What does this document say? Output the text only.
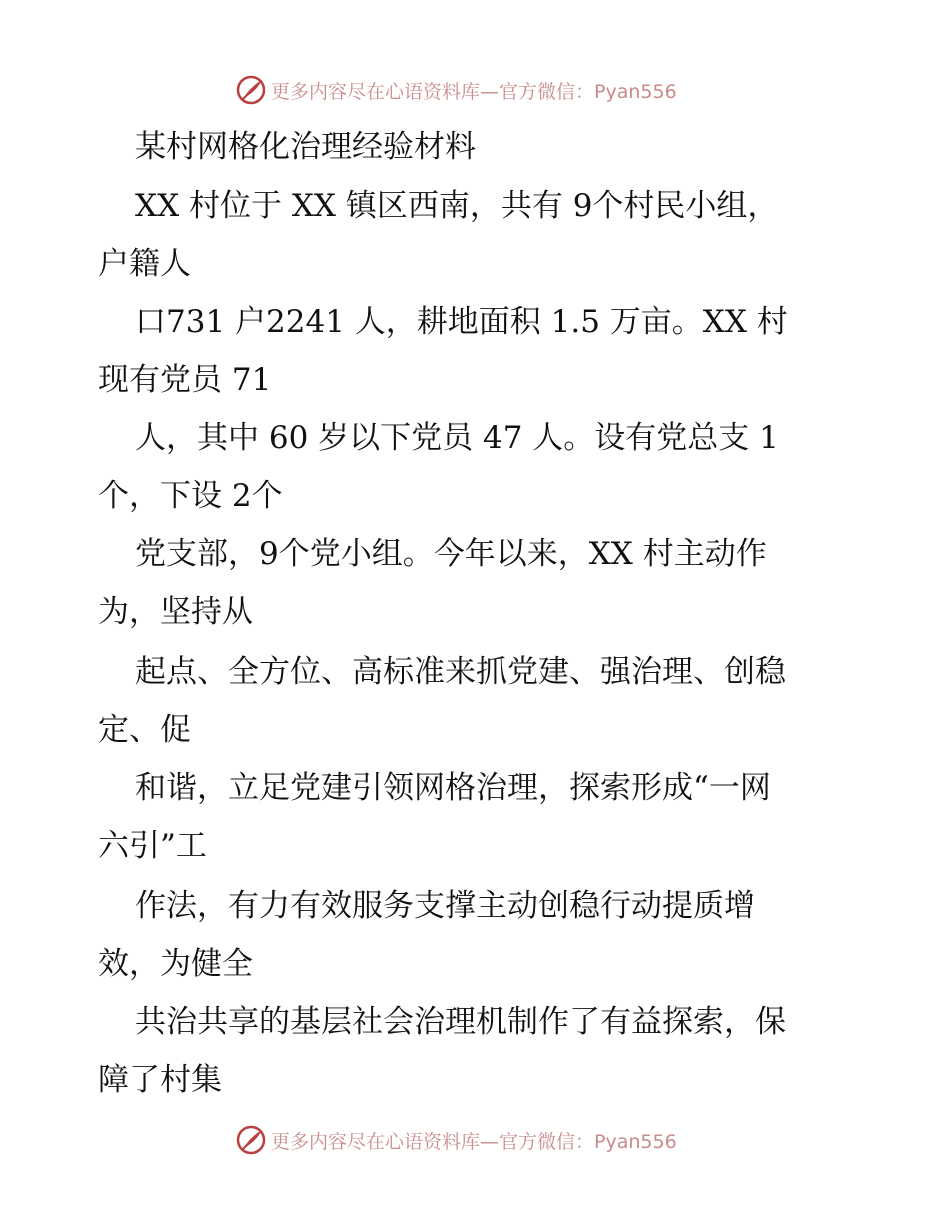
更多内容尽在心语资料库—官方微信：Pyan556
某村网格化治理经验材料
XX 村位于 XX 镇区西南，共有 9个村民小组，
户籍人
口731 户2241 人，耕地面积 1.5 万亩。XX 村
现有党员 71
人，其中 60 岁以下党员 47 人。设有党总支 1
个，下设 2个
党支部，9个党小组。今年以来，XX 村主动作
为，坚持从
起点、全方位、高标准来抓党建、强治理、创稳
定、促
和谐，立足党建引领网格治理，探索形成“一网
六引”工
作法，有力有效服务支撑主动创稳行动提质增
效，为健全
共治共享的基层社会治理机制作了有益探索，保
障了村集
更多内容尽在心语资料库—官方微信：Pyan556
